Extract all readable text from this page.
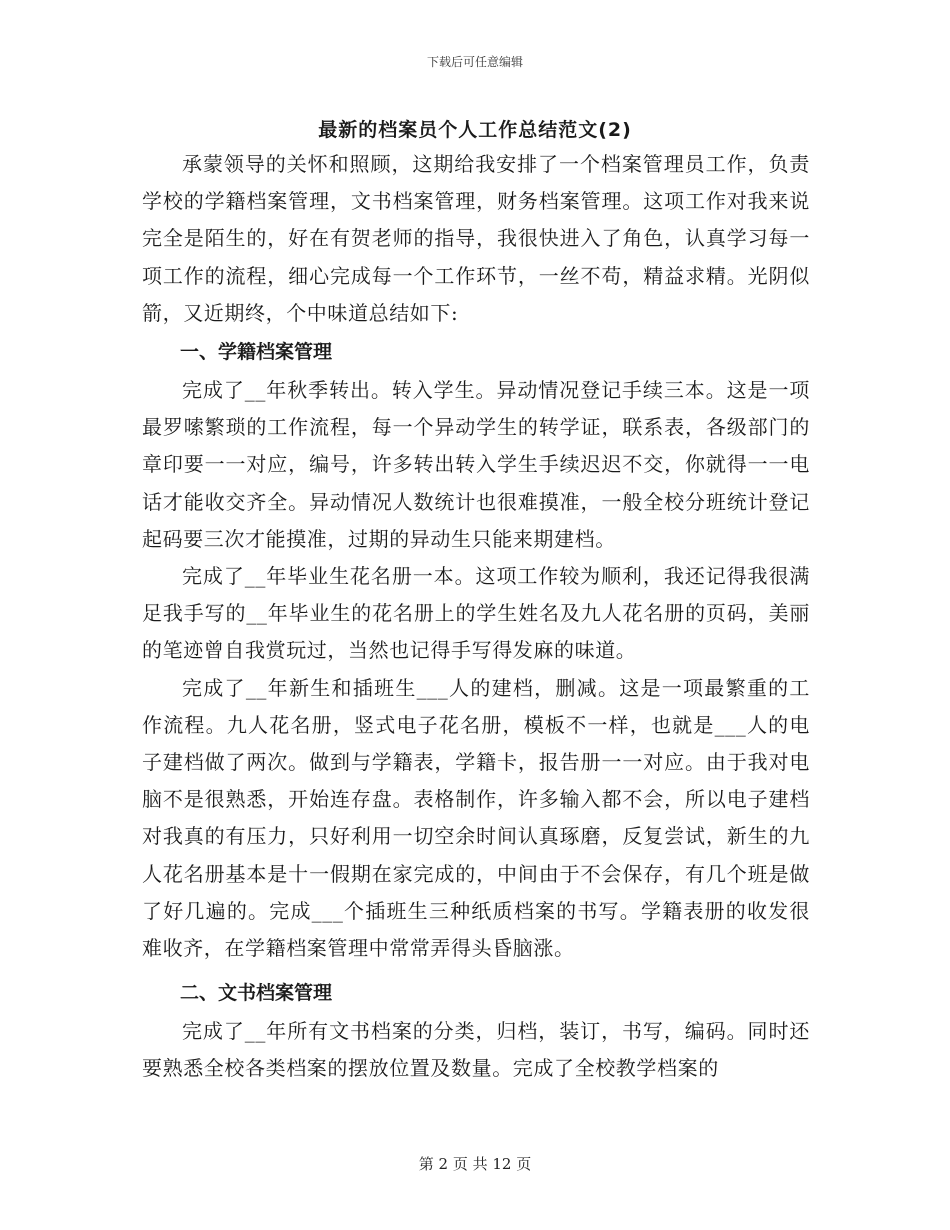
下载后可任意编辑
最新的档案员个人工作总结范文(2)

承蒙领导的关怀和照顾，这期给我安排了一个档案管理员工作，负责学校的学籍档案管理，文书档案管理，财务档案管理。这项工作对我来说完全是陌生的，好在有贺老师的指导，我很快进入了角色，认真学习每一项工作的流程，细心完成每一个工作环节，一丝不苟，精益求精。光阴似箭，又近期终，个中味道总结如下:

一、学籍档案管理

完成了__年秋季转出。转入学生。异动情况登记手续三本。这是一项最罗嗦繁琐的工作流程，每一个异动学生的转学证，联系表，各级部门的章印要一一对应，编号，许多转出转入学生手续迟迟不交，你就得一一电话才能收交齐全。异动情况人数统计也很难摸准，一般全校分班统计登记起码要三次才能摸准，过期的异动生只能来期建档。

完成了__年毕业生花名册一本。这项工作较为顺利，我还记得我很满足我手写的__年毕业生的花名册上的学生姓名及九人花名册的页码，美丽的笔迹曾自我赏玩过，当然也记得手写得发麻的味道。

完成了__年新生和插班生___人的建档，删减。这是一项最繁重的工作流程。九人花名册，竖式电子花名册，模板不一样，也就是___人的电子建档做了两次。做到与学籍表，学籍卡，报告册一一对应。由于我对电脑不是很熟悉，开始连存盘。表格制作，许多输入都不会，所以电子建档对我真的有压力，只好利用一切空余时间认真琢磨，反复尝试，新生的九人花名册基本是十一假期在家完成的，中间由于不会保存，有几个班是做了好几遍的。完成___个插班生三种纸质档案的书写。学籍表册的收发很难收齐，在学籍档案管理中常常弄得头昏脑涨。

二、文书档案管理

完成了__年所有文书档案的分类，归档，装订，书写，编码。同时还要熟悉全校各类档案的摆放位置及数量。完成了全校教学档案的

第 2 页 共 12 页
